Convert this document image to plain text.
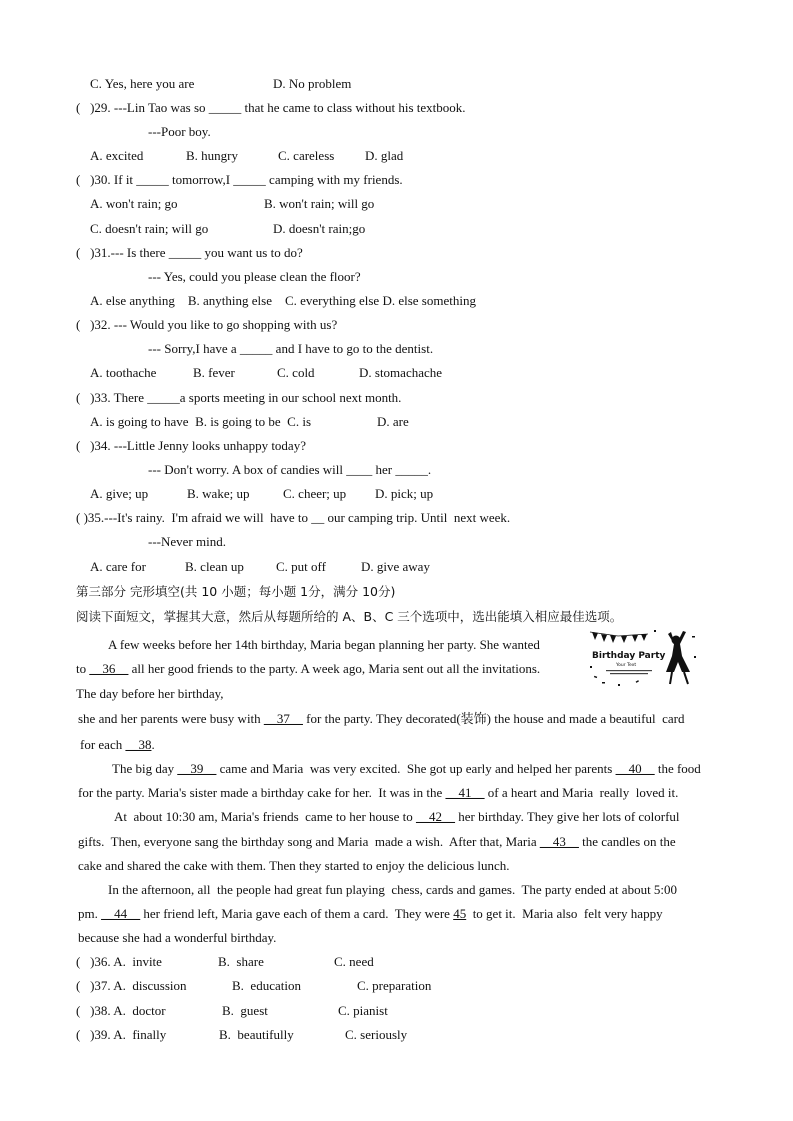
C. Yes, here you are	D. No problem
(   )29. ---Lin Tao was so _____ that he came to class without his textbook.
---Poor boy.
A. excited	B. hungry	C. careless D. glad
(   )30. If it _____ tomorrow,I _____ camping with my friends.
A. won't rain; go	B. won't rain; will go
C. doesn't rain; will go	D. doesn't rain;go
(   )31.--- Is there _____ you want us to do?
--- Yes, could you please clean the floor?
A. else anything    B. anything else    C. everything else D. else something
(   )32. --- Would you like to go shopping with us?
--- Sorry,I have a _____ and I have to go to the dentist.
A. toothache	B. fever	C. cold	D. stomachache
(   )33. There _____a sports meeting in our school next month.
A. is going to have  B. is going to be  C. is	D. are
(   )34. ---Little Jenny looks unhappy today?
--- Don't worry. A box of candies will ____ her _____.
A. give; up	B. wake; up	C. cheer; up D. pick; up
( )35.---It's rainy.  I'm afraid we will  have to __ our camping trip. Until  next week.
---Never mind.
A. care for	B. clean up C. put off	D. give away
第三部分 完形填空(共 10 小题；每小题 1分，满分 10分)
阅读下面短文，掌握其大意，然后从每题所给的 A、B、C 三个选项中，选出能填入相应最佳选项。
Birthday Party
Your Text
A few weeks before her 14th birthday, Maria began planning her party. She wanted
to __36__ all her good friends to the party. A week ago, Maria sent out all the invitations.
The day before her birthday,
she and her parents were busy with __37__ for the party. They decorated(装饰) the house and made a beautiful  card
for each __38.
The big day __39__ came and Maria  was very excited.  She got up early and helped her parents __40__ the food
for the party. Maria's sister made a birthday cake for her.  It was in the __41__ of a heart and Maria  really  loved it.
At  about 10:30 am, Maria's friends  came to her house to __42__ her birthday. They give her lots of colorful
gifts.  Then, everyone sang the birthday song and Maria  made a wish.  After that, Maria __43__ the candles on the
cake and shared the cake with them. Then they started to enjoy the delicious lunch.
In the afternoon, all  the people had great fun playing  chess, cards and games.  The party ended at about 5:00
pm. __44__ her friend left, Maria gave each of them a card.  They were 45  to get it.  Maria also  felt very happy
because she had a wonderful birthday.
(   )36. A.  invite	B.  share	C. need
(   )37. A.  discussion	B.  education	C. preparation
(   )38. A.  doctor	B.  guest	C. pianist
(   )39. A.  finally	B.  beautifully	C. seriously
